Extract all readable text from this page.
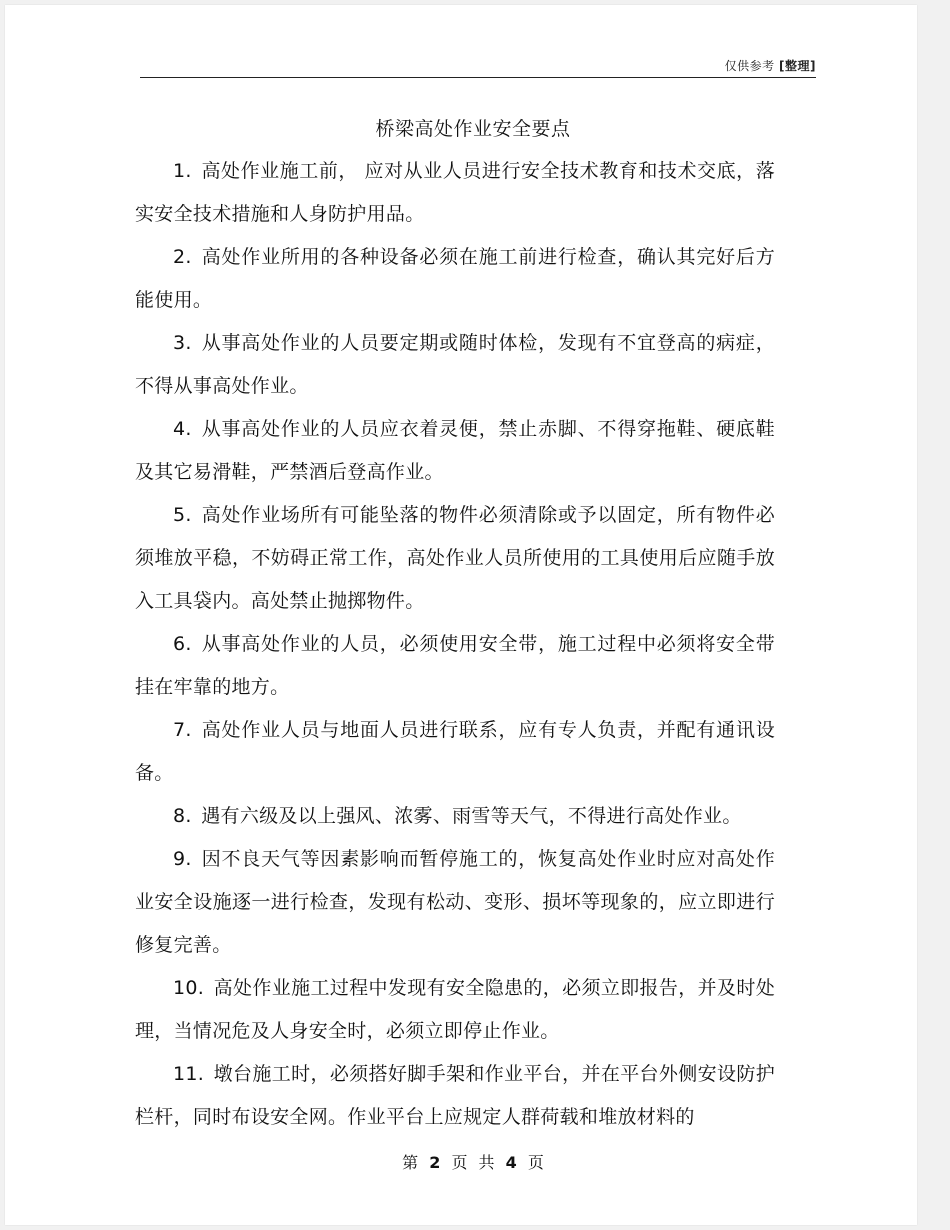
仅供参考 [整理]
桥梁高处作业安全要点

1. 高处作业施工前， 应对从业人员进行安全技术教育和技术交底，落实安全技术措施和人身防护用品。

2. 高处作业所用的各种设备必须在施工前进行检查，确认其完好后方能使用。

3. 从事高处作业的人员要定期或随时体检，发现有不宜登高的病症，不得从事高处作业。

4. 从事高处作业的人员应衣着灵便，禁止赤脚、不得穿拖鞋、硬底鞋及其它易滑鞋，严禁酒后登高作业。

5. 高处作业场所有可能坠落的物件必须清除或予以固定，所有物件必须堆放平稳，不妨碍正常工作，高处作业人员所使用的工具使用后应随手放入工具袋内。高处禁止抛掷物件。

6. 从事高处作业的人员，必须使用安全带，施工过程中必须将安全带挂在牢靠的地方。

7. 高处作业人员与地面人员进行联系，应有专人负责，并配有通讯设备。

8. 遇有六级及以上强风、浓雾、雨雪等天气，不得进行高处作业。

9. 因不良天气等因素影响而暂停施工的，恢复高处作业时应对高处作业安全设施逐一进行检查，发现有松动、变形、损坏等现象的，应立即进行修复完善。

10. 高处作业施工过程中发现有安全隐患的，必须立即报告，并及时处理，当情况危及人身安全时，必须立即停止作业。

11. 墩台施工时，必须搭好脚手架和作业平台，并在平台外侧安设防护栏杆，同时布设安全网。作业平台上应规定人群荷载和堆放材料的

第 2 页 共 4 页
